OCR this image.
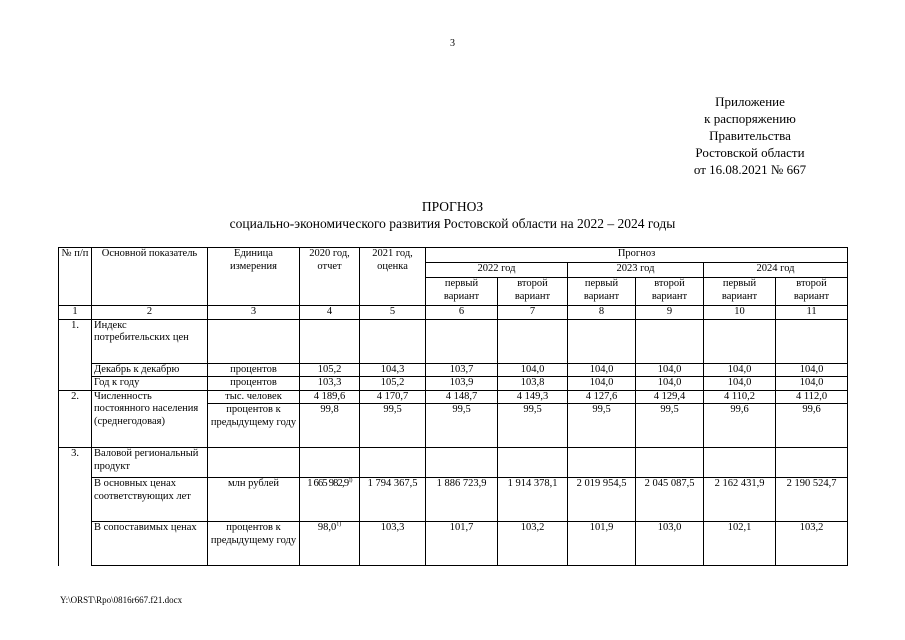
3
Приложение
к распоряжению
Правительства
Ростовской области
от 16.08.2021 № 667
ПРОГНОЗ
социально-экономического развития Ростовской области на 2022 – 2024 годы
№ п/п	Основной показатель	Единица измерения	2020 год, отчет	2021 год, оценка	Прогноз					
					2022 год		2023 год		2024 год	
					первый вариант	второй вариант	первый вариант	второй вариант	первый вариант	второй вариант
1	2	3	4	5	6	7	8	9	10	11
1.	Индекс потребительских цен									
	Декабрь к декабрю	процентов	105,2	104,3	103,7	104,0	104,0	104,0	104,0	104,0
	Год к году	процентов	103,3	105,2	103,9	103,8	104,0	104,0	104,0	104,0
2.	Численность постоянного населения (среднегодовая)	тыс. человек	4 189,6	4 170,7	4 148,7	4 149,3	4 127,6	4 129,4	4 110,2	4 112,0
		процентов к предыдущему году	99,8	99,5	99,5	99,5	99,5	99,5	99,6	99,6
3.	Валовой региональный продукт									
	В основных ценах соответствующих лет	млн рублей	1 665 982,9$^{1)}$	1 794 367,5	1 886 723,9	1 914 378,1	2 019 954,5	2 045 087,5	2 162 431,9	2 190 524,7
	В сопоставимых ценах	процентов к предыдущему году	98,0$^{1)}$	103,3	101,7	103,2	101,9	103,0	102,1	103,2
Y:\ORST\Rpo\0816r667.f21.docx
